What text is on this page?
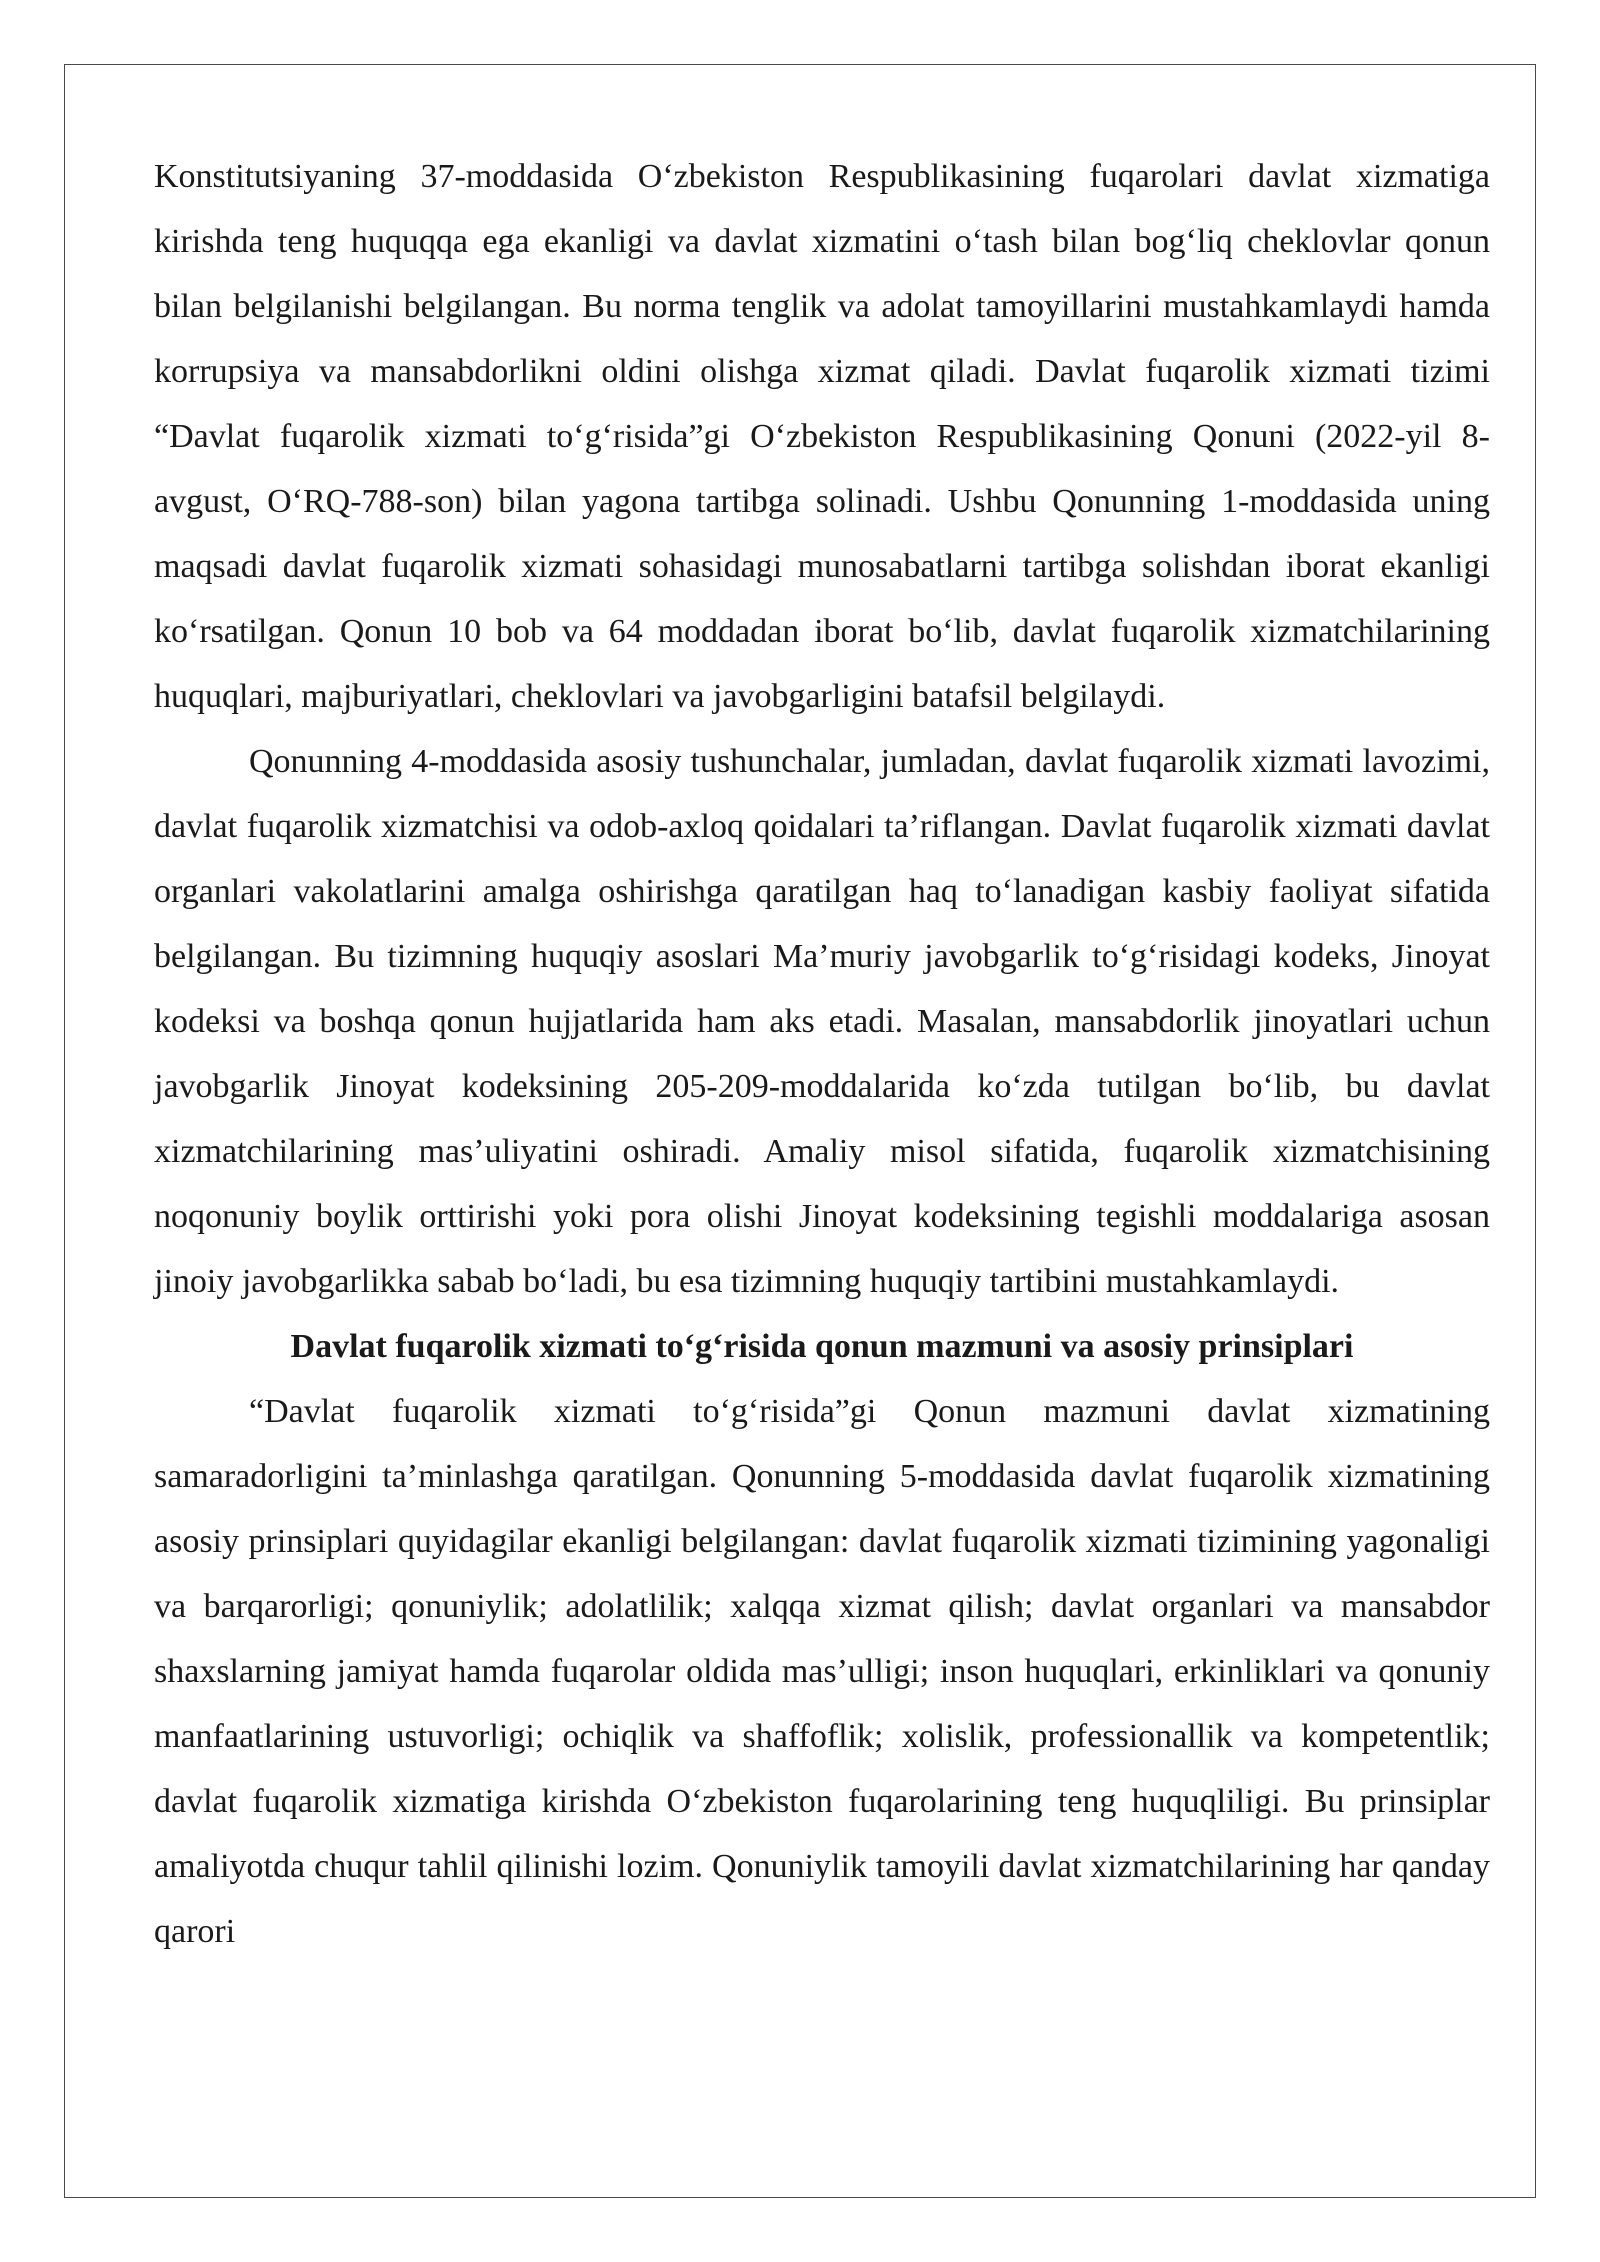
Konstitutsiyaning 37-moddasida O‘zbekiston Respublikasining fuqarolari davlat xizmatiga kirishda teng huquqqa ega ekanligi va davlat xizmatini o‘tash bilan bog‘liq cheklovlar qonun bilan belgilanishi belgilangan. Bu norma tenglik va adolat tamoyillarini mustahkamlaydi hamda korrupsiya va mansabdorlikni oldini olishga xizmat qiladi. Davlat fuqarolik xizmati tizimi “Davlat fuqarolik xizmati to‘g‘risida”gi O‘zbekiston Respublikasining Qonuni (2022-yil 8-avgust, O‘RQ-788-son) bilan yagona tartibga solinadi. Ushbu Qonunning 1-moddasida uning maqsadi davlat fuqarolik xizmati sohasidagi munosabatlarni tartibga solishdan iborat ekanligi ko‘rsatilgan. Qonun 10 bob va 64 moddadan iborat bo‘lib, davlat fuqarolik xizmatchilarining huquqlari, majburiyatlari, cheklovlari va javobgarligini batafsil belgilaydi.

Qonunning 4-moddasida asosiy tushunchalar, jumladan, davlat fuqarolik xizmati lavozimi, davlat fuqarolik xizmatchisi va odob-axloq qoidalari ta’riflangan. Davlat fuqarolik xizmati davlat organlari vakolatlarini amalga oshirishga qaratilgan haq to‘lanadigan kasbiy faoliyat sifatida belgilangan. Bu tizimning huquqiy asoslari Ma’muriy javobgarlik to‘g‘risidagi kodeks, Jinoyat kodeksi va boshqa qonun hujjatlarida ham aks etadi. Masalan, mansabdorlik jinoyatlari uchun javobgarlik Jinoyat kodeksining 205-209-moddalarida ko‘zda tutilgan bo‘lib, bu davlat xizmatchilarining mas’uliyatini oshiradi. Amaliy misol sifatida, fuqarolik xizmatchisining noqonuniy boylik orttirishi yoki pora olishi Jinoyat kodeksining tegishli moddalariga asosan jinoiy javobgarlikka sabab bo‘ladi, bu esa tizimning huquqiy tartibini mustahkamlaydi.

Davlat fuqarolik xizmati to‘g‘risida qonun mazmuni va asosiy prinsiplari

“Davlat fuqarolik xizmati to‘g‘risida”gi Qonun mazmuni davlat xizmatining samaradorligini ta’minlashga qaratilgan. Qonunning 5-moddasida davlat fuqarolik xizmatining asosiy prinsiplari quyidagilar ekanligi belgilangan: davlat fuqarolik xizmati tizimining yagonaligi va barqarorligi; qonuniylik; adolatlilik; xalqqa xizmat qilish; davlat organlari va mansabdor shaxslarning jamiyat hamda fuqarolar oldida mas’ulligi; inson huquqlari, erkinliklari va qonuniy manfaatlarining ustuvorligi; ochiqlik va shaffoflik; xolislik, professionallik va kompetentlik; davlat fuqarolik xizmatiga kirishda O‘zbekiston fuqarolarining teng huquqliligi. Bu prinsiplar amaliyotda chuqur tahlil qilinishi lozim. Qonuniylik tamoyili davlat xizmatchilarining har qanday qarori
